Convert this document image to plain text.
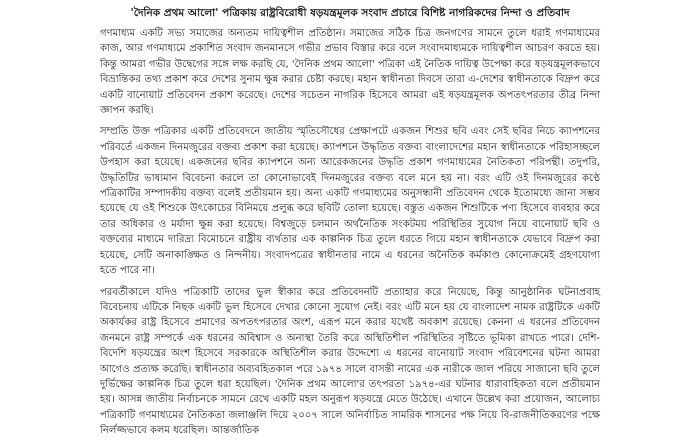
'দৈনিক প্রথম আলো' পত্রিকায় রাষ্ট্রবিরোধী ষড়যন্ত্রমূলক সংবাদ প্রচারে বিশিষ্ট নাগরিকদের নিন্দা ও প্রতিবাদ

গণমাধ্যম একটি সভ্য সমাজের অন্যতম দায়িত্বশীল প্রতিষ্ঠান। সমাজের সঠিক চিত্র জনগণের সামনে তুলে ধরাই গণমাধ্যমের কাজ, আর গণমাধ্যমে প্রকাশিত সংবাদ জনমানসে গভীর প্রভাব বিস্তার করে বলে সংবাদমাধ্যমকে দায়িত্বশীল আচরণ করতে হয়। কিন্তু আমরা গভীর উদ্বেগের সঙ্গে লক্ষ করছি যে, 'দৈনিক প্রথম আলো' পত্রিকা এই নৈতিক দায়িত্ব উপেক্ষা করে ষড়যন্ত্রমূলকভাবে বিভ্রান্তিকর তথ্য প্রকাশ করে দেশের সুনাম ক্ষুন্ন করার চেষ্টা করছে। মহান স্বাধীনতা দিবসে তারা এ-দেশের স্বাধীনতাকে বিদ্রুপ করে একটি বানোয়াট প্রতিবেদন প্রকাশ করেছে। দেশের সচেতন নাগরিক হিসেবে আমরা এই ষড়যন্ত্রমূলক অপতৎপরতার তীব্র নিন্দা জ্ঞাপন করছি।

সম্প্রতি উক্ত পত্রিকার একটি প্রতিবেদনে জাতীয় স্মৃতিসৌধের প্রেক্ষাপটে একজন শিশুর ছবি এবং সেই ছবির নিচে ক্যাপশনের পরিবর্তে একজন দিনমজুরের বক্তব্য প্রকাশ করা হয়েছে। ক্যাপশনে উদ্ধৃতিত বক্তব্য বাংলাদেশের মহান স্বাধীনতাকে পরিহাসচ্ছলে উপহাস করা হয়েছে। একজনের ছবির ক্যাপশনে অন্য আরেকজনের উদ্ধৃতি প্রকাশ গণমাধ্যমের নৈতিকতা পরিপন্থী। তদুপরি, উদ্ধৃতিটির ভাষ্যমান বিবেচনা করলে তা কোনোভাবেই দিনমজুরের বক্তব্য বলে মনে হয় না। বরং এটি ওই দিনমজুরের কণ্ঠে পত্রিকাটির সম্পাদকীয় বক্তব্য বলেই প্রতীয়মান হয়। অন্য একটি গণমাধ্যমের অনুসন্ধানী প্রতিবেদন থেকে ইতোমধ্যে জানা সম্ভব হয়েছে যে ওই শিশুকে উৎকোচের বিনিময়ে প্রলুব্ধ করে ছবিটি তোলা হয়েছে। বস্তুত একজন শিশুটিকে পণ্য হিসেবে ব্যবহার করে তার অধিকার ও মর্যাদা ক্ষুন্ন করা হয়েছে। বিশ্বজুড়ে চলমান অর্থনৈতিক সংকটময় পরিস্থিতির সুযোগ নিয়ে বানোয়াট ছবি ও বক্তব্যের মাধ্যমে দারিদ্র্য বিমোচনে রাষ্ট্রীয় ব্যর্থতার এক কাল্পনিক চিত্র তুলে ধরতে গিয়ে মহান স্বাধীনতাকে যেভাবে বিদ্রুপ করা হয়েছে, সেটি অনাকাঙ্ক্ষিত ও নিন্দনীয়। সংবাদপত্রের স্বাধীনতার নামে এ ধরনের অনৈতিক কর্মকাণ্ড কোনোক্রমেই গ্রহণযোগ্য হতে পারে না।

পরবর্তীকালে যদিও পত্রিকাটি তাদের ভুল স্বীকার করে প্রতিবেদনটি প্রত্যাহার করে নিয়েছে, কিন্তু আনুষ্ঠানিক ঘটনাপ্রবাহ বিবেচনায় এটিকে নিছক একটি ভুল হিসেবে দেখার কোনো সুযোগ নেই। বরং এটি মনে হয় যে বাংলাদেশ নামক রাষ্ট্রটিকে একটি অকার্যকর রাষ্ট্র হিসেবে প্রমাণের অপতৎপরতার অংশ, এরূপ মনে করার যথেষ্ট অবকাশ রয়েছে। কেননা এ ধরনের প্রতিবেদন জনমনে রাষ্ট্র সম্পর্কে এক ধরনের অবিশ্বাস ও অনাস্থা তৈরি করে অস্থিতিশীল পরিস্থিতির সৃষ্টিতে ভূমিকা রাখতে পারে। দেশি-বিদেশি ষড়যন্ত্রের অংশ হিসেবে সরকারকে অস্থিতিশীল করার উদ্দেশ্যে এ ধরনের বানোয়াট সংবাদ পরিবেশনের ঘটনা আমরা আগেও প্রত্যক্ষ করেছি। স্বাধীনতার অব্যবহিতকাল পরে ১৯৭৪ সালে বাসন্তী নামের এক নারীকে জাল পরিয়ে সাজানো ছবি তুলে দুর্ভিক্ষের কাল্পনিক চিত্র তুলে ধরা হয়েছিল। 'দৈনিক প্রথম আলো'র তৎপরতা ১৯৭৪-এর ঘটনার ধারাবাহিকতা বলে প্রতীয়মান হয়। আসন্ন জাতীয় নির্বাচনকে সামনে রেখে একটি মহল অনুরূপ ষড়যন্ত্রে মেতে উঠেছে। এখানে উল্লেখ করা প্রয়োজন, আলোচ্য পত্রিকাটি গণমাধ্যমের নৈতিকতা জলাঞ্জলি দিয়ে ২০০৭ সালে অনির্বাচিত সামরিক শাসনের পক্ষ নিয়ে বি-রাজনীতিকরণের পক্ষে নির্লজ্জভাবে কলম ধরেছিল। আন্তর্জাতিক
